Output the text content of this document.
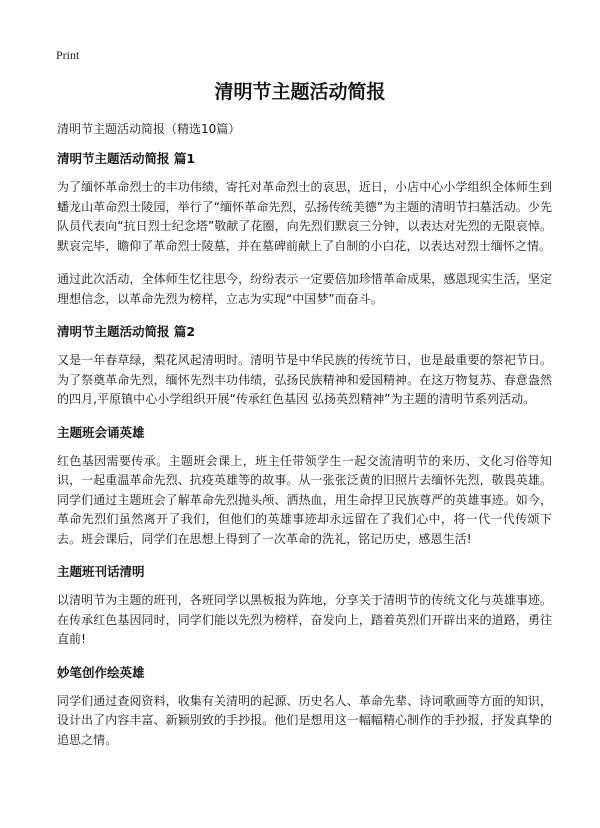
Print
清明节主题活动简报

清明节主题活动简报（精选10篇）

清明节主题活动简报 篇1

为了缅怀革命烈士的丰功伟绩，寄托对革命烈士的哀思，近日，小店中心小学组织全体师生到蟠龙山革命烈士陵园，举行了“缅怀革命先烈，弘扬传统美德”为主题的清明节扫墓活动。少先队员代表向“抗日烈士纪念塔”敬献了花圈，向先烈们默哀三分钟，以表达对先烈的无限哀悼。默哀完毕，瞻仰了革命烈士陵墓，并在墓碑前献上了自制的小白花，以表达对烈士缅怀之情。

通过此次活动，全体师生忆往思今，纷纷表示一定要倍加珍惜革命成果，感恩现实生活，坚定理想信念，以革命先烈为榜样，立志为实现“中国梦”而奋斗。

清明节主题活动简报 篇2

又是一年春草绿，梨花风起清明时。清明节是中华民族的传统节日，也是最重要的祭祀节日。为了祭奠革命先烈，缅怀先烈丰功伟绩，弘扬民族精神和爱国精神。在这万物复苏、春意盎然的四月,平原镇中心小学组织开展“传承红色基因 弘扬英烈精神”为主题的清明节系列活动。

主题班会诵英雄

红色基因需要传承。主题班会课上，班主任带领学生一起交流清明节的来历、文化习俗等知识，一起重温革命先烈、抗疫英雄等的故事。从一张张泛黄的旧照片去缅怀先烈，敬畏英雄。同学们通过主题班会了解革命先烈抛头颅、洒热血，用生命捍卫民族尊严的英雄事迹。如今，革命先烈们虽然离开了我们，但他们的英雄事迹却永远留在了我们心中，将一代一代传颂下去。班会课后，同学们在思想上得到了一次革命的洗礼，铭记历史，感恩生活!

主题班刊话清明

以清明节为主题的班刊，各班同学以黑板报为阵地，分享关于清明节的传统文化与英雄事迹。在传承红色基因同时，同学们能以先烈为榜样，奋发向上，踏着英烈们开辟出来的道路，勇往直前!

妙笔创作绘英雄

同学们通过查阅资料，收集有关清明的起源、历史名人、革命先辈、诗词歌画等方面的知识，设计出了内容丰富、新颖别致的手抄报。他们是想用这一幅幅精心制作的手抄报，抒发真挚的追思之情。
